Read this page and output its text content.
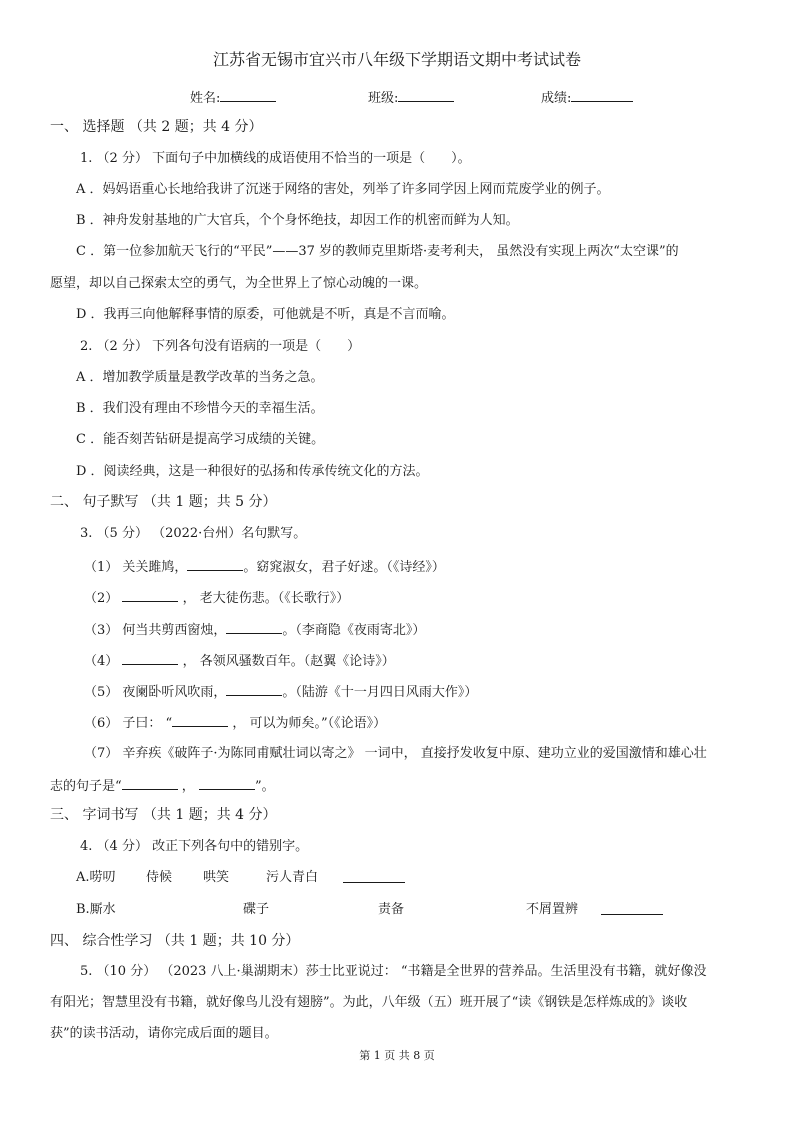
江苏省无锡市宜兴市八年级下学期语文期中考试试卷
姓名:	班级:	成绩:
一、 选择题 （共 2 题；共 4 分）
1. （2 分） 下面句子中加横线的成语使用不恰当的一项是（　　）。
A ．妈妈语重心长地给我讲了沉迷于网络的害处，列举了许多同学因上网而荒废学业的例子。
B ．神舟发射基地的广大官兵，个个身怀绝技，却因工作的机密而鲜为人知。
C ．第一位参加航天飞行的“平民”——37 岁的教师克里斯塔·麦考利夫， 虽然没有实现上两次“太空课”的
愿望，却以自己探索太空的勇气，为全世界上了惊心动魄的一课。
D ．我再三向他解释事情的原委，可他就是不听，真是不言而喻。
2. （2 分） 下列各句没有语病的一项是（　　）
A ．增加教学质量是教学改革的当务之急。
B ．我们没有理由不珍惜今天的幸福生活。
C ．能否刻苦钻研是提高学习成绩的关键。
D ．阅读经典，这是一种很好的弘扬和传承传统文化的方法。
二、 句子默写 （共 1 题；共 5 分）
3. （5 分） （2022·台州）名句默写。
（1） 关关雎鸠，	。窈窕淑女，君子好逑。（《诗经》）
（2）	， 老大徒伤悲。（《长歌行》）
（3） 何当共剪西窗烛，	。（李商隐《夜雨寄北》）
（4）	， 各领风骚数百年。（赵翼《论诗》）
（5） 夜阑卧听风吹雨，	。（陆游《十一月四日风雨大作》）
（6） 子曰： “	， 可以为师矣。”（《论语》）
（7） 辛弃疾《破阵子·为陈同甫赋壮词以寄之》 一词中， 直接抒发收复中原、建功立业的爱国激情和雄心壮
志的句子是“	，	”。
三、 字词书写 （共 1 题；共 4 分）
4. （4 分） 改正下列各句中的错别字。
A.唠叨 侍候 哄笑	污人青白
B.厮水	碟子	责备	不屑置辨
四、 综合性学习 （共 1 题；共 10 分）
5. （10 分） （2023 八上·巢湖期末）莎士比亚说过： “书籍是全世界的营养品。生活里没有书籍，就好像没
有阳光；智慧里没有书籍，就好像鸟儿没有翅膀”。为此，八年级（五）班开展了“读《钢铁是怎样炼成的》谈收
获”的读书活动，请你完成后面的题目。
第 1 页 共 8 页
